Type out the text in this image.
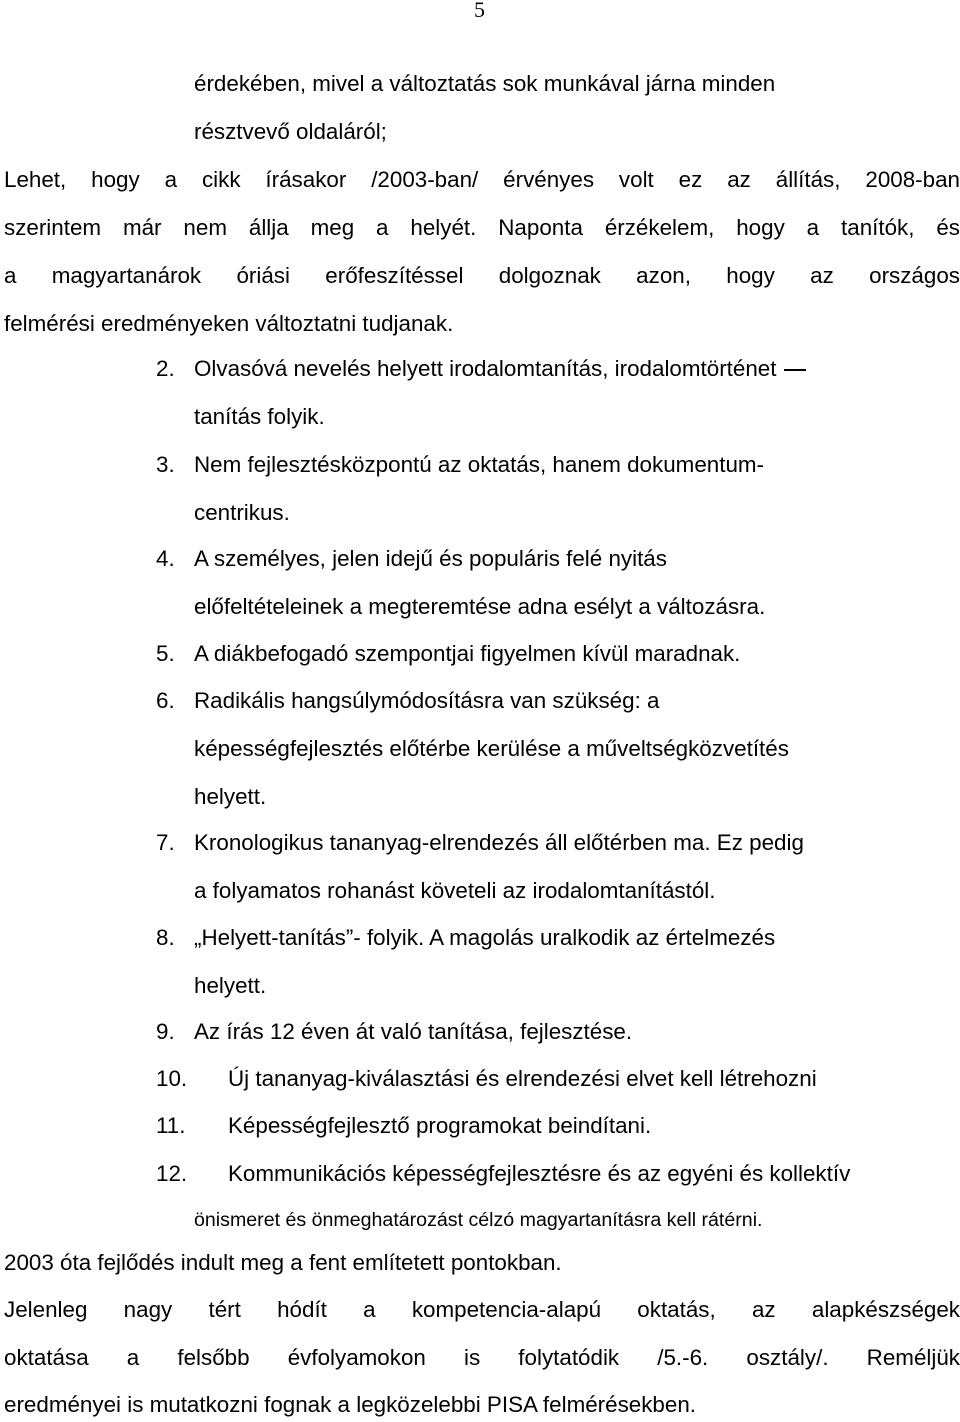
5
érdekében, mivel a változtatás sok munkával járna minden
résztvevő oldaláról;
Lehet, hogy a cikk írásakor /2003-ban/ érvényes volt ez az állítás, 2008-ban
szerintem már nem állja meg a helyét. Naponta érzékelem, hogy a tanítók, és
a magyartanárok óriási erőfeszítéssel dolgoznak azon, hogy az országos
felmérési eredményeken változtatni tudjanak.
2. Olvasóvá nevelés helyett irodalomtanítás, irodalomtörténet
tanítás folyik.
3. Nem fejlesztésközpontú az oktatás, hanem dokumentum-
centrikus.
4. A személyes, jelen idejű és populáris felé nyitás
előfeltételeinek a megteremtése adna esélyt a változásra.
5. A diákbefogadó szempontjai figyelmen kívül maradnak.
6. Radikális hangsúlymódosításra van szükség: a
képességfejlesztés előtérbe kerülése a műveltségközvetítés
helyett.
7. Kronologikus tananyag-elrendezés áll előtérben ma. Ez pedig
a folyamatos rohanást követeli az irodalomtanítástól.
8. „Helyett-tanítás”- folyik. A magolás uralkodik az értelmezés
helyett.
9. Az írás 12 éven át való tanítása, fejlesztése.
10. Új tananyag-kiválasztási és elrendezési elvet kell létrehozni
11. Képességfejlesztő programokat beindítani.
12. Kommunikációs képességfejlesztésre és az egyéni és kollektív
önismeret és önmeghatározást célzó magyartanításra kell rátérni.
2003 óta fejlődés indult meg a fent említetett pontokban.
Jelenleg nagy tért hódít a kompetencia-alapú oktatás, az alapkészségek
oktatása a felsőbb évfolyamokon is folytatódik /5.-6. osztály/. Reméljük
eredményei is mutatkozni fognak a legközelebbi PISA felmérésekben.
